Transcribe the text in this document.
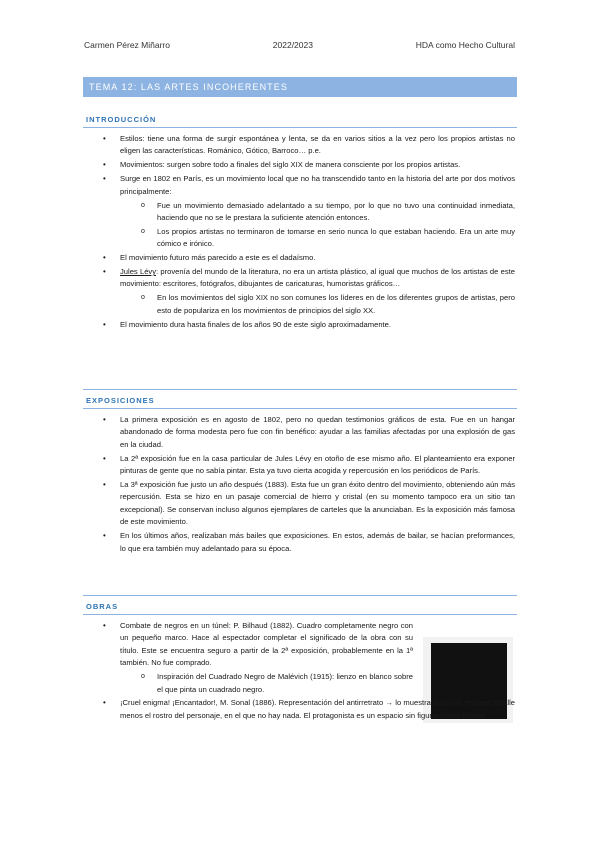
Carmen Pérez Miñarro	2022/2023	HDA como Hecho Cultural
TEMA 12: LAS ARTES INCOHERENTES
INTRODUCCIÓN
• Estilos: tiene una forma de surgir espontánea y lenta, se da en varios sitios a la vez pero los propios artistas no eligen las características. Románico, Gótico, Barroco… p.e.
• Movimientos: surgen sobre todo a finales del siglo XIX de manera consciente por los propios artistas.
• Surge en 1802 en París, es un movimiento local que no ha transcendido tanto en la historia del arte por dos motivos principalmente:
o Fue un movimiento demasiado adelantado a su tiempo, por lo que no tuvo una continuidad inmediata, haciendo que no se le prestara la suficiente atención entonces.
o Los propios artistas no terminaron de tomarse en serio nunca lo que estaban haciendo. Era un arte muy cómico e irónico.
• El movimiento futuro más parecido a este es el dadaísmo.
• Jules Lévy: provenía del mundo de la literatura, no era un artista plástico, al igual que muchos de los artistas de este movimiento: escritores, fotógrafos, dibujantes de caricaturas, humoristas gráficos…
o En los movimientos del siglo XIX no son comunes los líderes en de los diferentes grupos de artistas, pero esto de populariza en los movimientos de principios del siglo XX.
• El movimiento dura hasta finales de los años 90 de este siglo aproximadamente.
EXPOSICIONES
• La primera exposición es en agosto de 1802, pero no quedan testimonios gráficos de esta. Fue en un hangar abandonado de forma modesta pero fue con fin benéfico: ayudar a las familias afectadas por una explosión de gas en la ciudad.
• La 2ª exposición fue en la casa particular de Jules Lévy en otoño de ese mismo año. El planteamiento era exponer pinturas de gente que no sabía pintar. Esta ya tuvo cierta acogida y repercusión en los periódicos de París.
• La 3ª exposición fue justo un año después (1883). Esta fue un gran éxito dentro del movimiento, obteniendo aún más repercusión. Esta se hizo en un pasaje comercial de hierro y cristal (en su momento tampoco era un sitio tan excepcional). Se conservan incluso algunos ejemplares de carteles que la anunciaban. Es la exposición más famosa de este movimiento.
• En los últimos años, realizaban más bailes que exposiciones. En estos, además de bailar, se hacían preformances, lo que era también muy adelantado para su época.
OBRAS
• Combate de negros en un túnel: P. Bilhaud (1882). Cuadro completamente negro con un pequeño marco. Hace al espectador completar el significado de la obra con su título. Este se encuentra seguro a partir de la 2ª exposición, probablemente en la 1ª también. No fue comprado.
o Inspiración del Cuadrado Negro de Malévich (1915): lienzo en blanco sobre el que pinta un cuadrado negro.
• ¡Cruel enigma! ¡Encantador!, M. Sonal (1886). Representación del antirretrato → lo muestra todo con enorme detalle menos el rostro del personaje, en el que no hay nada. El protagonista es un espacio sin figuración/en blanco.
